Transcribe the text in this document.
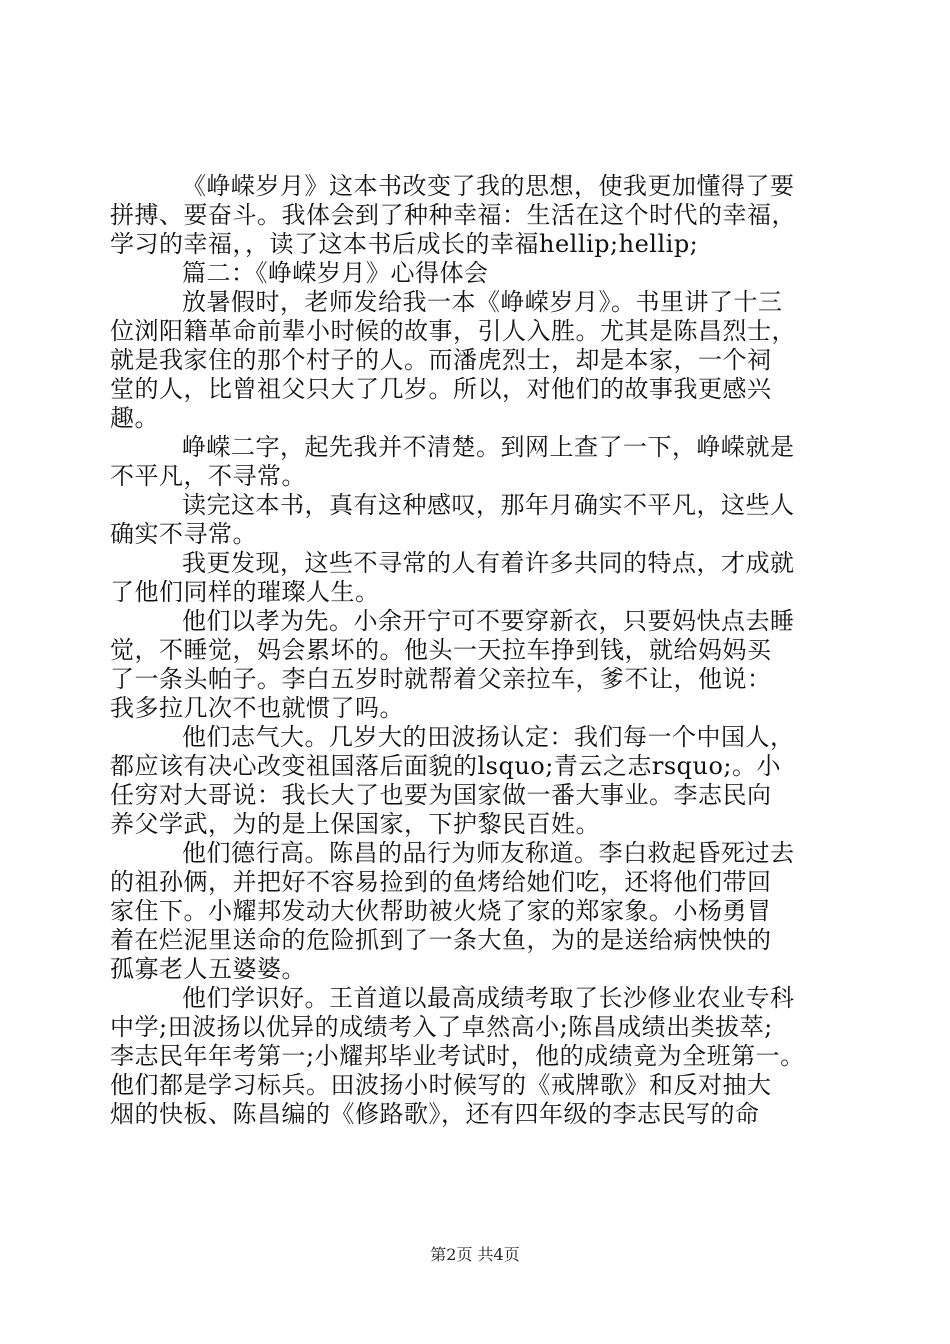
《峥嵘岁月》这本书改变了我的思想，使我更加懂得了要
拼搏、要奋斗。我体会到了种种幸福：生活在这个时代的幸福，
学习的幸福，，读了这本书后成长的幸福hellip;hellip;
篇二：《峥嵘岁月》心得体会
放暑假时，老师发给我一本《峥嵘岁月》。书里讲了十三
位浏阳籍革命前辈小时候的故事，引人入胜。尤其是陈昌烈士，
就是我家住的那个村子的人。而潘虎烈士，却是本家，一个祠
堂的人，比曾祖父只大了几岁。所以，对他们的故事我更感兴
趣。
峥嵘二字，起先我并不清楚。到网上查了一下，峥嵘就是
不平凡，不寻常。
读完这本书，真有这种感叹，那年月确实不平凡，这些人
确实不寻常。
我更发现，这些不寻常的人有着许多共同的特点，才成就
了他们同样的璀璨人生。
他们以孝为先。小余开宁可不要穿新衣，只要妈快点去睡
觉，不睡觉，妈会累坏的。他头一天拉车挣到钱，就给妈妈买
了一条头帕子。李白五岁时就帮着父亲拉车，爹不让，他说：
我多拉几次不也就惯了吗。
他们志气大。几岁大的田波扬认定：我们每一个中国人，
都应该有决心改变祖国落后面貌的lsquo;青云之志rsquo;。小
任穷对大哥说：我长大了也要为国家做一番大事业。李志民向
养父学武，为的是上保国家，下护黎民百姓。
他们德行高。陈昌的品行为师友称道。李白救起昏死过去
的祖孙俩，并把好不容易捡到的鱼烤给她们吃，还将他们带回
家住下。小耀邦发动大伙帮助被火烧了家的郑家象。小杨勇冒
着在烂泥里送命的危险抓到了一条大鱼，为的是送给病怏怏的
孤寡老人五婆婆。
他们学识好。王首道以最高成绩考取了长沙修业农业专科
中学;田波扬以优异的成绩考入了卓然高小;陈昌成绩出类拔萃;
李志民年年考第一;小耀邦毕业考试时，他的成绩竟为全班第一。
他们都是学习标兵。田波扬小时候写的《戒牌歌》和反对抽大
烟的快板、陈昌编的《修路歌》，还有四年级的李志民写的命
第2页 共4页
